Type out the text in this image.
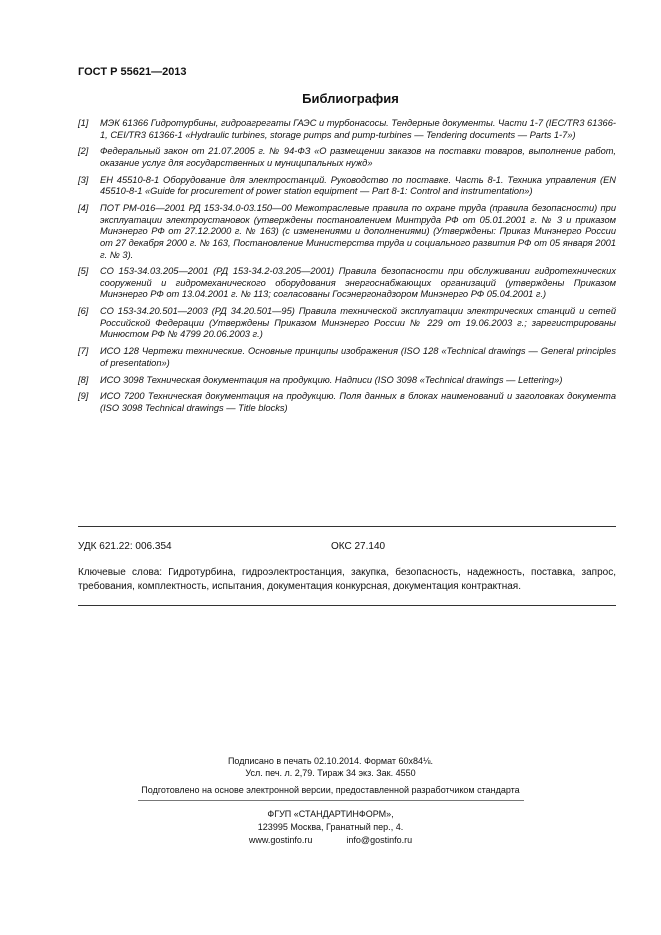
ГОСТ Р 55621—2013
Библиография
[1]	МЭК 61366 Гидротурбины, гидроагрегаты ГАЭС и турбонасосы. Тендерные документы. Части 1-7 (IEC/TR3 61366-1, CEI/TR3 61366-1 «Hydraulic turbines, storage pumps and pump-turbines — Tendering documents — Parts 1-7»)
[2]	Федеральный закон от 21.07.2005 г. № 94-ФЗ «О размещении заказов на поставки товаров, выполнение работ, оказание услуг для государственных и муниципальных нужд»
[3]	ЕН 45510-8-1 Оборудование для электростанций. Руководство по поставке. Часть 8-1. Техника управления (EN 45510-8-1 «Guide for procurement of power station equipment — Part 8-1: Control and instrumentation»)
[4]	ПОТ РМ-016—2001 РД 153-34.0-03.150—00 Межотраслевые правила по охране труда (правила безопасности) при эксплуатации электроустановок (утверждены постановлением Минтруда РФ от 05.01.2001 г. № 3 и приказом Минэнерго РФ от 27.12.2000 г. № 163) (с изменениями и дополнениями) (Утверждены: Приказ Минэнерго России от 27 декабря 2000 г. № 163, Постановление Министерства труда и социального развития РФ от 05 января 2001 г. № 3).
[5]	СО 153-34.03.205—2001 (РД 153-34.2-03.205—2001) Правила безопасности при обслуживании гидротехнических сооружений и гидромеханического оборудования энергоснабжающих организаций (утверждены Приказом Минэнерго РФ от 13.04.2001 г. № 113; согласованы Госэнергонадзором Минэнерго РФ 05.04.2001 г.)
[6]	СО 153-34.20.501—2003 (РД 34.20.501—95) Правила технической эксплуатации электрических станций и сетей Российской Федерации (Утверждены Приказом Минэнерго России № 229 от 19.06.2003 г.; зарегистрированы Минюстом РФ № 4799 20.06.2003 г.)
[7]	ИСО 128 Чертежи технические. Основные принципы изображения (ISO 128 «Technical drawings — General principles of presentation»)
[8]	ИСО 3098 Техническая документация на продукцию. Надписи (ISO 3098 «Technical drawings — Lettering»)
[9]	ИСО 7200 Техническая документация на продукцию. Поля данных в блоках наименований и заголовках документа (ISO 3098 Technical drawings — Title blocks)
УДК 621.22: 006.354	ОКС 27.140
Ключевые слова: Гидротурбина, гидроэлектростанция, закупка, безопасность, надежность, поставка, запрос, требования, комплектность, испытания, документация конкурсная, документация контрактная.
Подписано в печать 02.10.2014. Формат 60x84⅛.
Усл. печ. л. 2,79. Тираж 34 экз. Зак. 4550
Подготовлено на основе электронной версии, предоставленной разработчиком стандарта
ФГУП «СТАНДАРТИНФОРМ»,
123995 Москва, Гранатный пер., 4.
www.gostinfo.ru	info@gostinfo.ru
